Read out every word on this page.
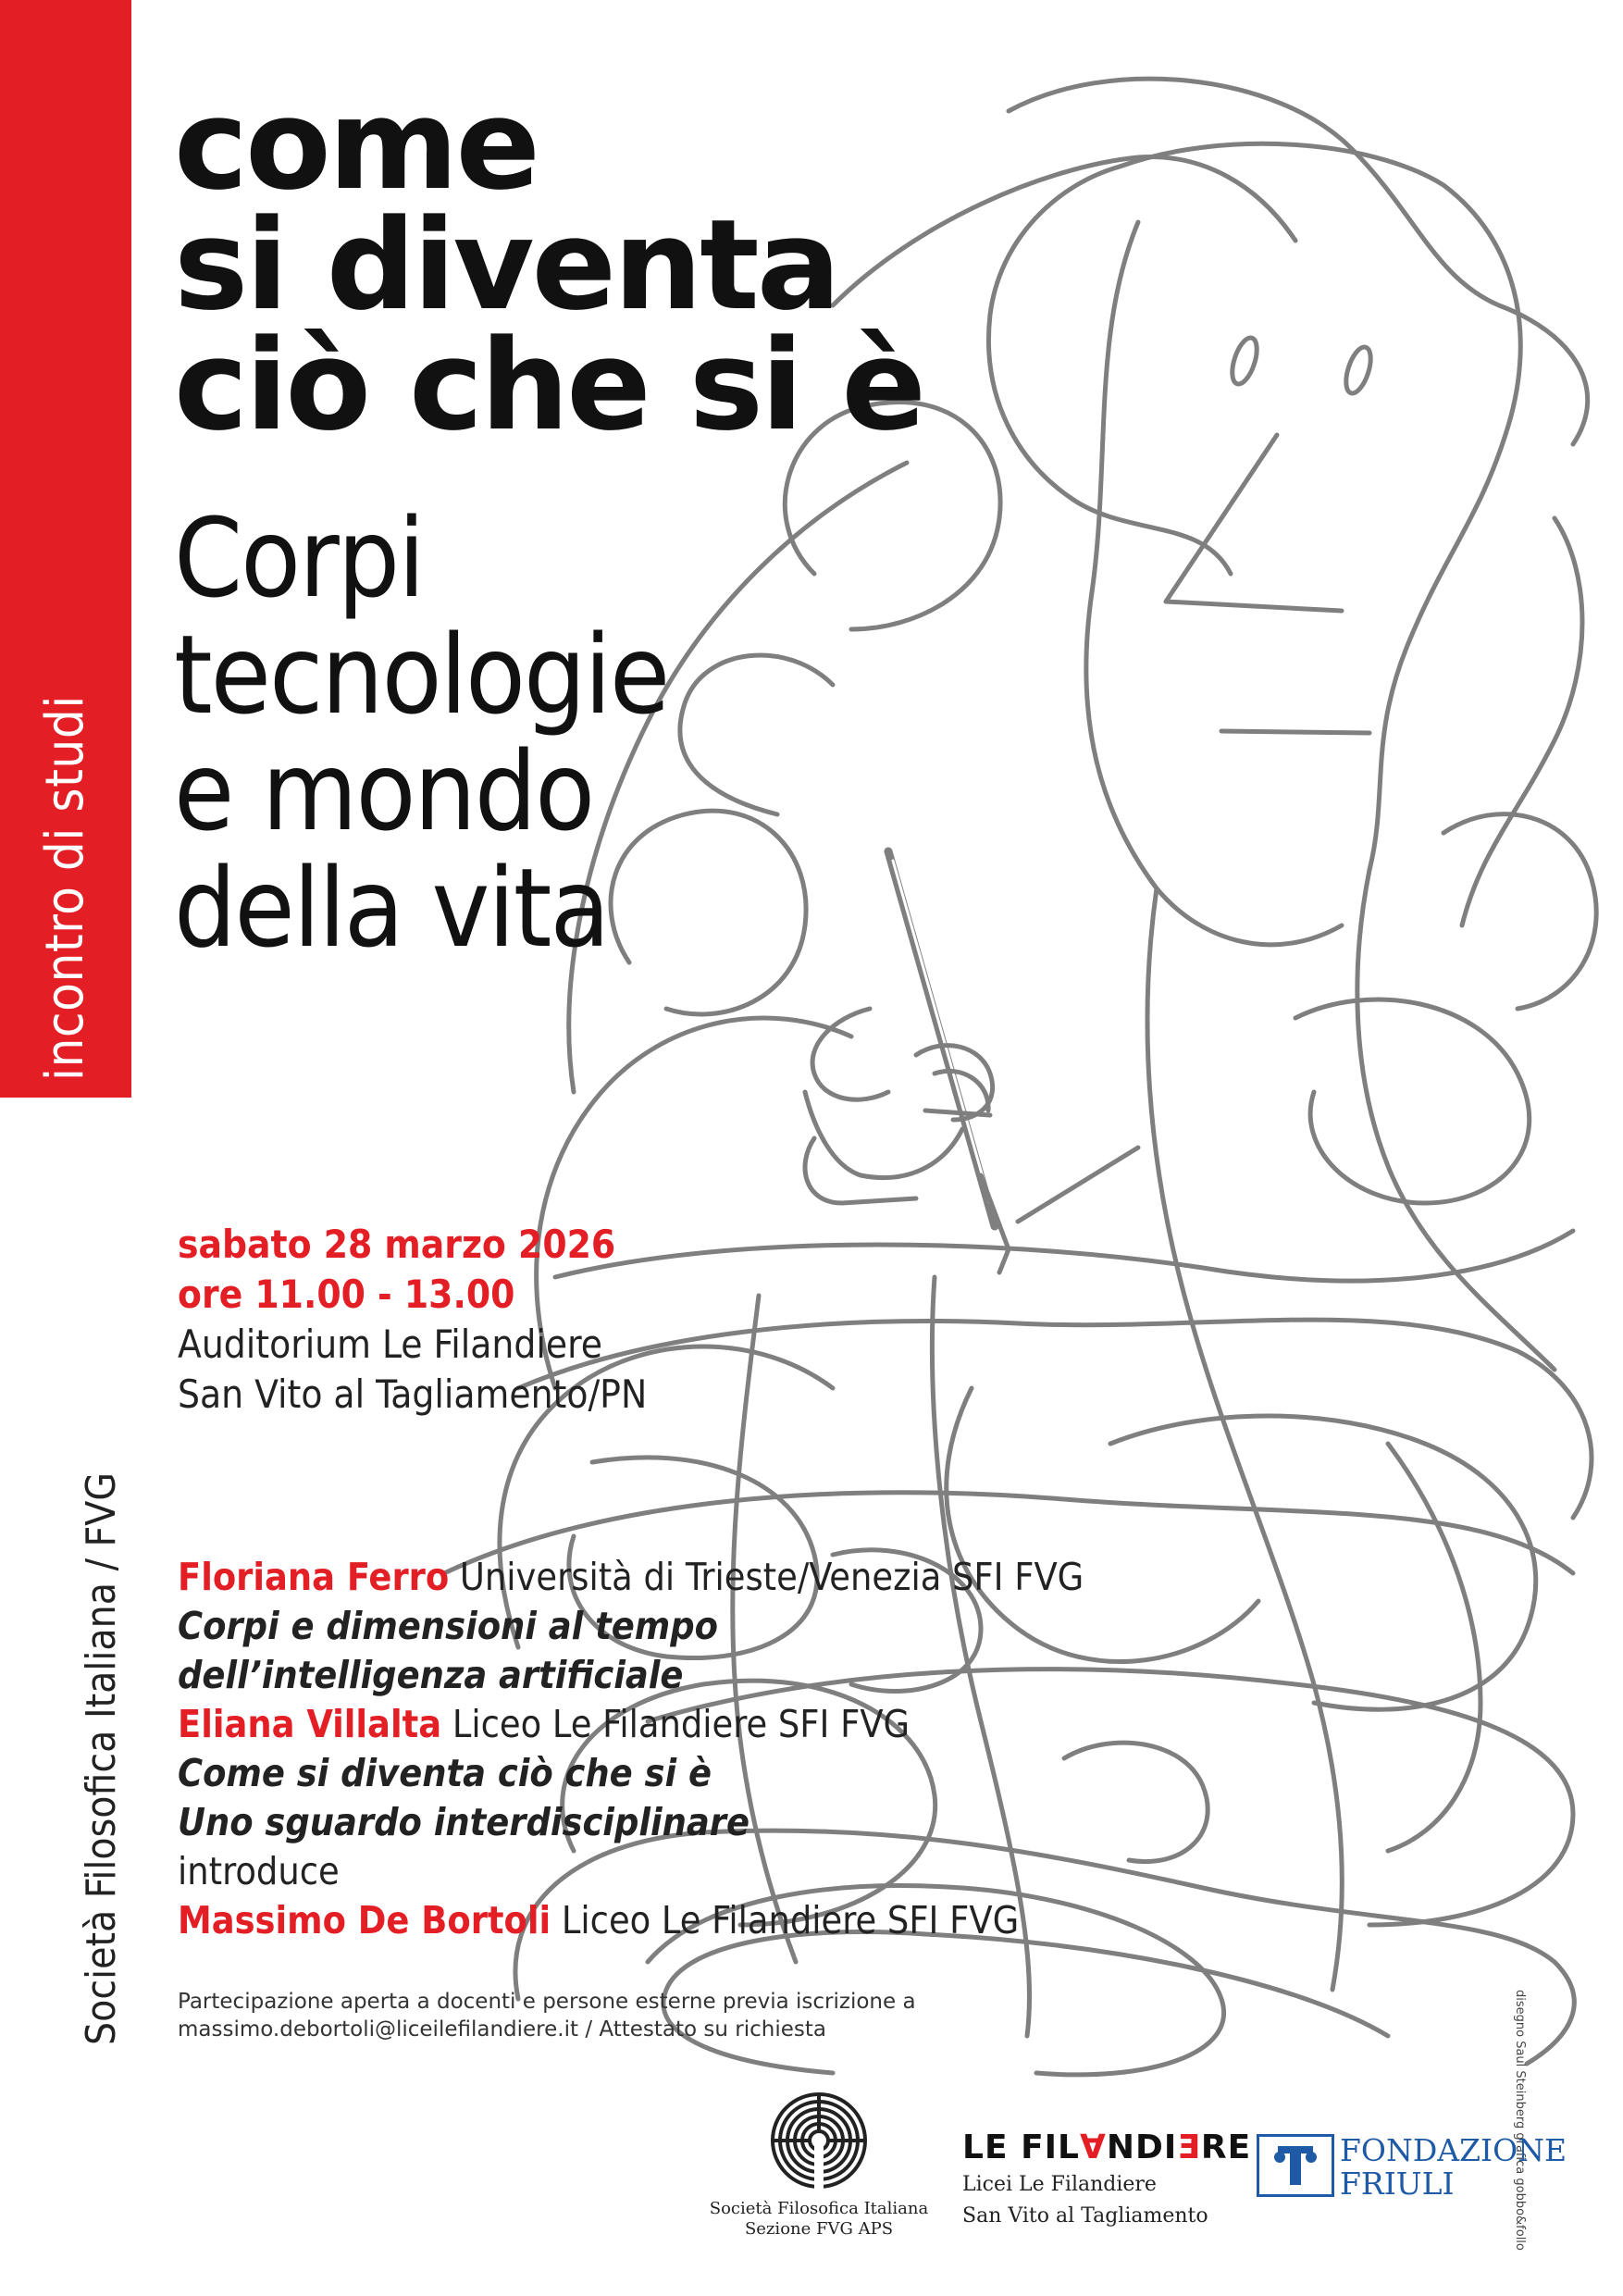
incontro di studi
Società Filosofica Italiana / FVG
come
si diventa
ciò che si è
Corpi
tecnologie
e mondo
della vita
sabato 28 marzo 2026
ore 11.00 - 13.00
Auditorium Le Filandiere
San Vito al Tagliamento/PN
Floriana Ferro Università di Trieste/Venezia SFI FVG
Corpi e dimensioni al tempo
dell’intelligenza artificiale
Eliana Villalta Liceo Le Filandiere SFI FVG
Come si diventa ciò che si è
Uno sguardo interdisciplinare
introduce
Massimo De Bortoli Liceo Le Filandiere SFI FVG
Partecipazione aperta a docenti e persone esterne previa iscrizione a
massimo.debortoli@liceilefilandiere.it / Attestato su richiesta	disegno Saul Steinberg grafica gobbo&follo
Società Filosofica Italiana
Sezione FVG APS
LE FIL∀NDIƎRE
Licei Le Filandiere
San Vito al Tagliamento
FONDAZIONE
FRIULI
